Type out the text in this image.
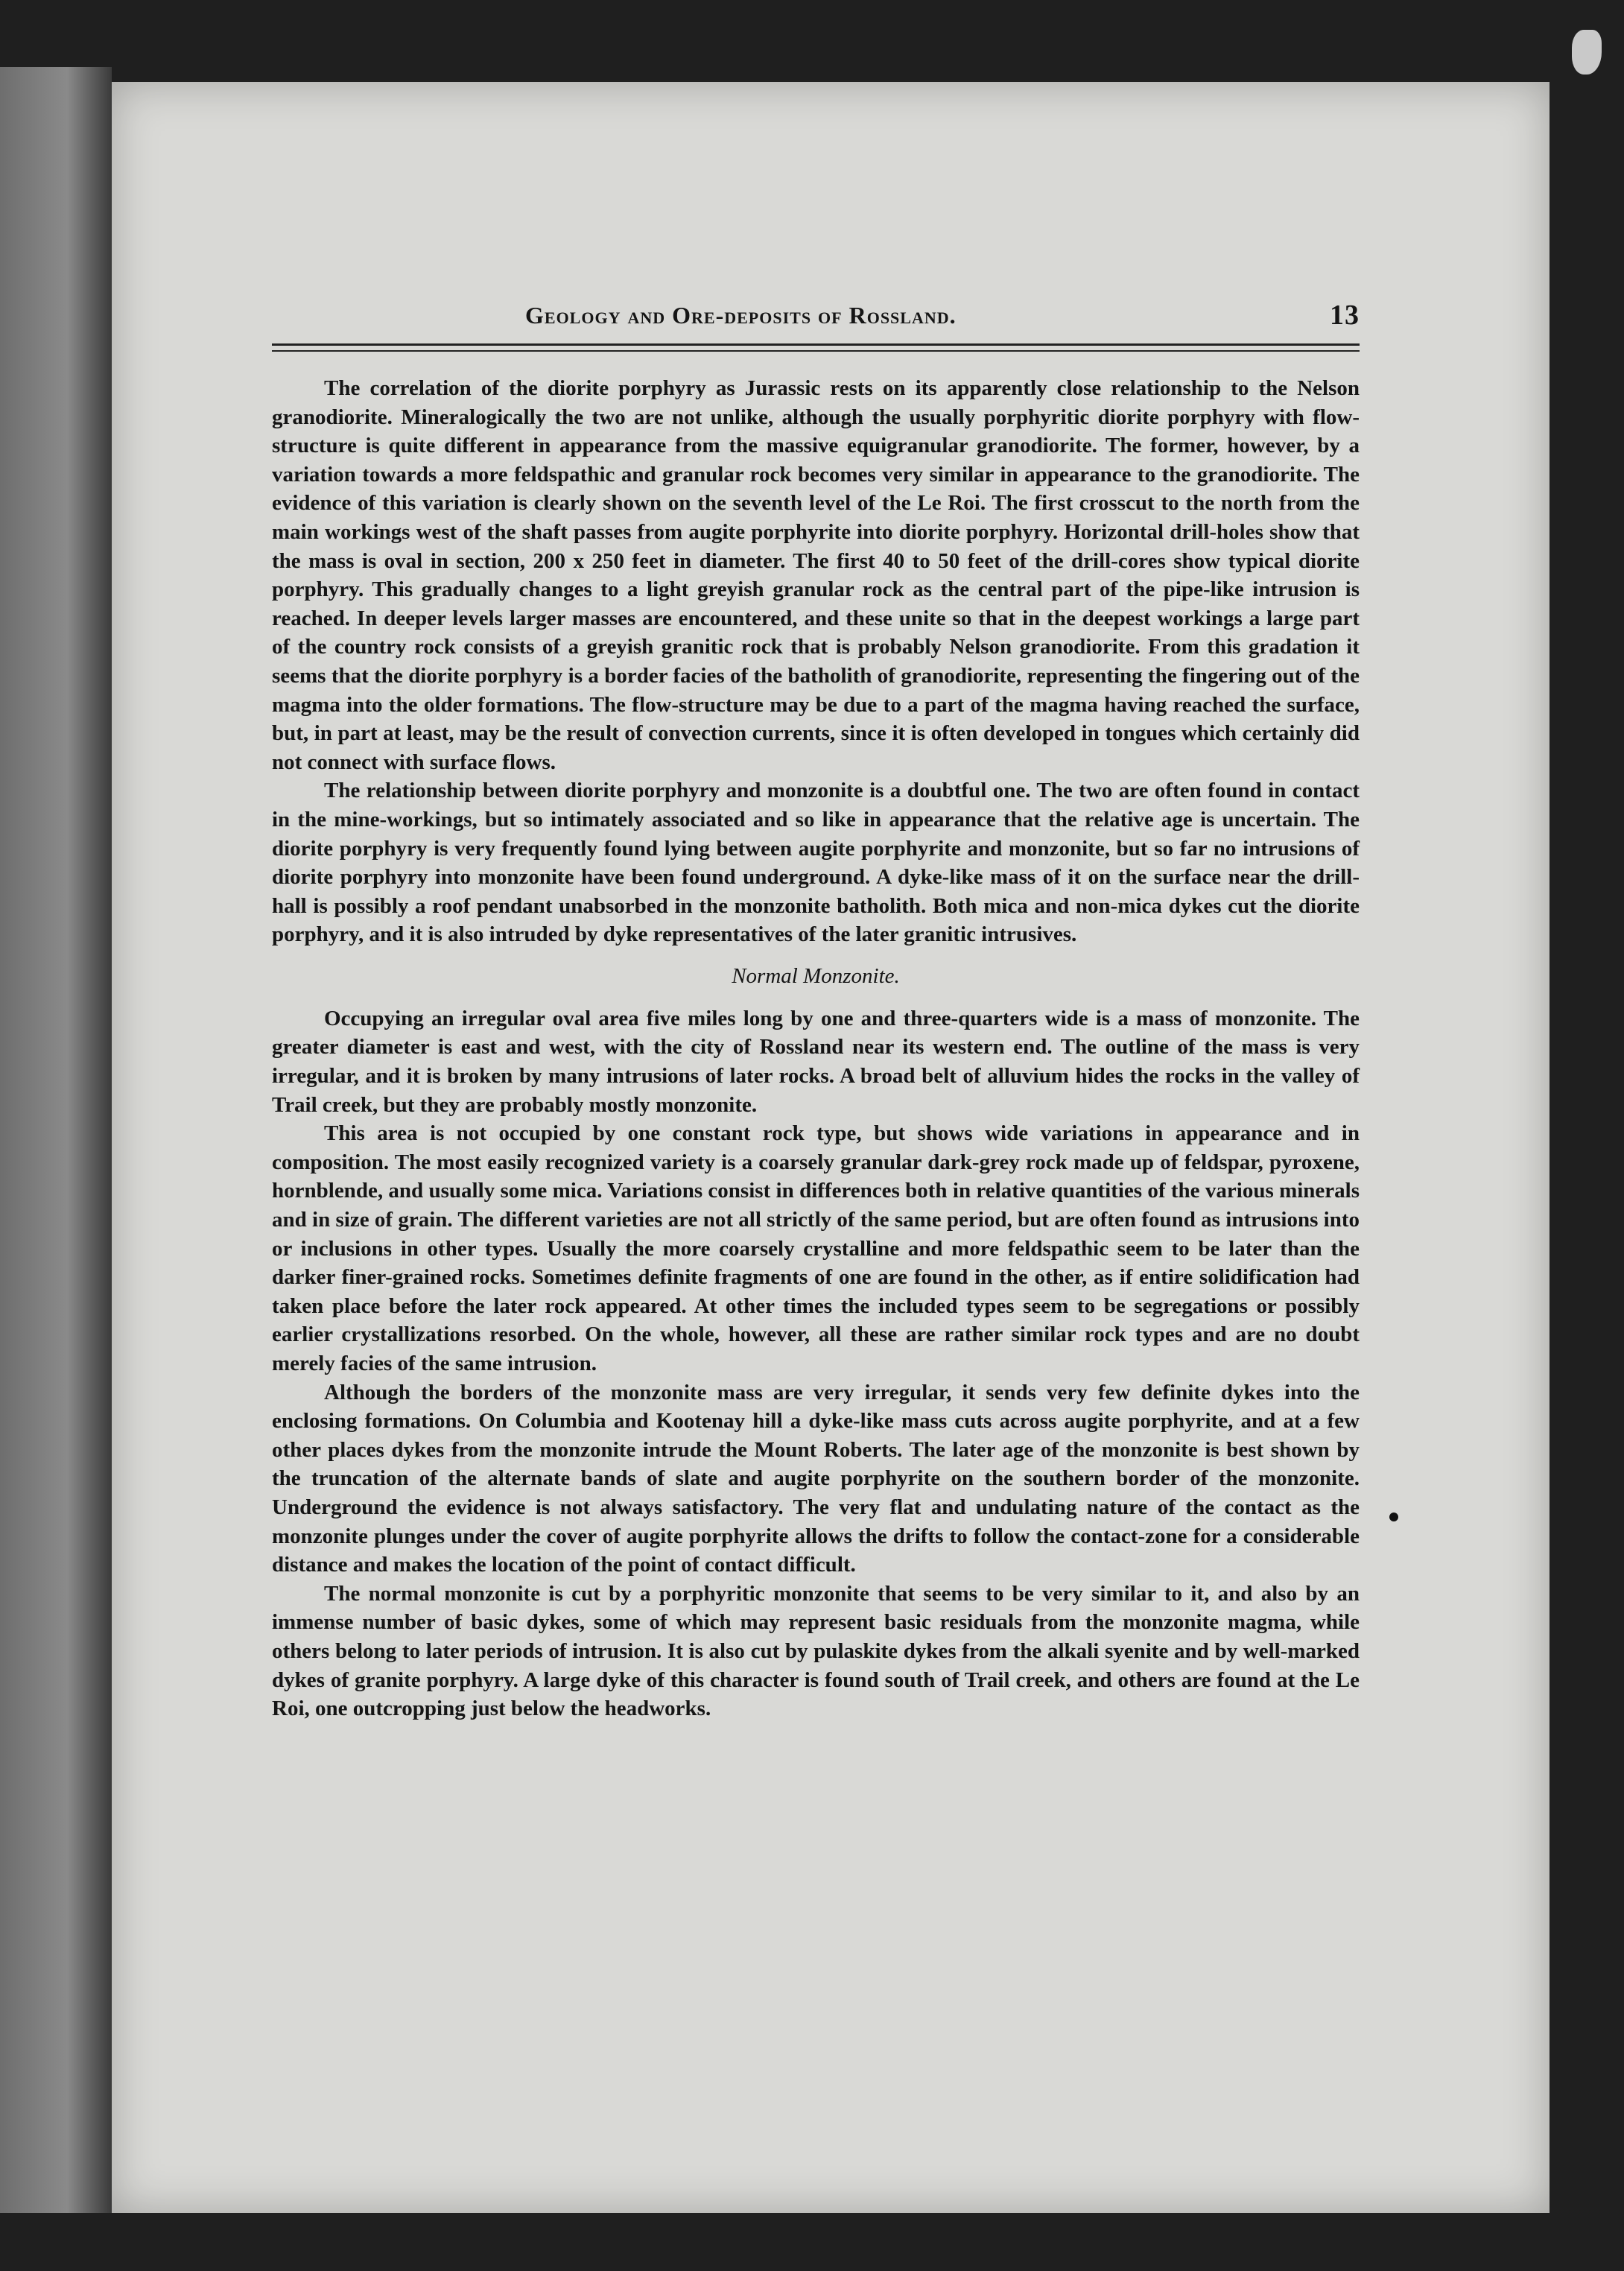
Geology and Ore-deposits of Rossland.	13

The correlation of the diorite porphyry as Jurassic rests on its apparently close relationship to the Nelson granodiorite. Mineralogically the two are not unlike, although the usually porphyritic diorite porphyry with flow-structure is quite different in appearance from the massive equigranular granodiorite. The former, however, by a variation towards a more feldspathic and granular rock becomes very similar in appearance to the granodiorite. The evidence of this variation is clearly shown on the seventh level of the Le Roi. The first crosscut to the north from the main workings west of the shaft passes from augite porphyrite into diorite porphyry. Horizontal drill-holes show that the mass is oval in section, 200 x 250 feet in diameter. The first 40 to 50 feet of the drill-cores show typical diorite porphyry. This gradually changes to a light greyish granular rock as the central part of the pipe-like intrusion is reached. In deeper levels larger masses are encountered, and these unite so that in the deepest workings a large part of the country rock consists of a greyish granitic rock that is probably Nelson granodiorite. From this gradation it seems that the diorite porphyry is a border facies of the batholith of granodiorite, representing the fingering out of the magma into the older formations. The flow-structure may be due to a part of the magma having reached the surface, but, in part at least, may be the result of convection currents, since it is often developed in tongues which certainly did not connect with surface flows.

The relationship between diorite porphyry and monzonite is a doubtful one. The two are often found in contact in the mine-workings, but so intimately associated and so like in appearance that the relative age is uncertain. The diorite porphyry is very frequently found lying between augite porphyrite and monzonite, but so far no intrusions of diorite porphyry into monzonite have been found underground. A dyke-like mass of it on the surface near the drill-hall is possibly a roof pendant unabsorbed in the monzonite batholith. Both mica and non-mica dykes cut the diorite porphyry, and it is also intruded by dyke representatives of the later granitic intrusives.

Normal Monzonite.

Occupying an irregular oval area five miles long by one and three-quarters wide is a mass of monzonite. The greater diameter is east and west, with the city of Rossland near its western end. The outline of the mass is very irregular, and it is broken by many intrusions of later rocks. A broad belt of alluvium hides the rocks in the valley of Trail creek, but they are probably mostly monzonite.

This area is not occupied by one constant rock type, but shows wide variations in appearance and in composition. The most easily recognized variety is a coarsely granular dark-grey rock made up of feldspar, pyroxene, hornblende, and usually some mica. Variations consist in differences both in relative quantities of the various minerals and in size of grain. The different varieties are not all strictly of the same period, but are often found as intrusions into or inclusions in other types. Usually the more coarsely crystalline and more feldspathic seem to be later than the darker finer-grained rocks. Sometimes definite fragments of one are found in the other, as if entire solidification had taken place before the later rock appeared. At other times the included types seem to be segregations or possibly earlier crystallizations resorbed. On the whole, however, all these are rather similar rock types and are no doubt merely facies of the same intrusion.

Although the borders of the monzonite mass are very irregular, it sends very few definite dykes into the enclosing formations. On Columbia and Kootenay hill a dyke-like mass cuts across augite porphyrite, and at a few other places dykes from the monzonite intrude the Mount Roberts. The later age of the monzonite is best shown by the truncation of the alternate bands of slate and augite porphyrite on the southern border of the monzonite. Underground the evidence is not always satisfactory. The very flat and undulating nature of the contact as the monzonite plunges under the cover of augite porphyrite allows the drifts to follow the contact-zone for a considerable distance and makes the location of the point of contact difficult.

The normal monzonite is cut by a porphyritic monzonite that seems to be very similar to it, and also by an immense number of basic dykes, some of which may represent basic residuals from the monzonite magma, while others belong to later periods of intrusion. It is also cut by pulaskite dykes from the alkali syenite and by well-marked dykes of granite porphyry. A large dyke of this character is found south of Trail creek, and others are found at the Le Roi, one outcropping just below the headworks.
